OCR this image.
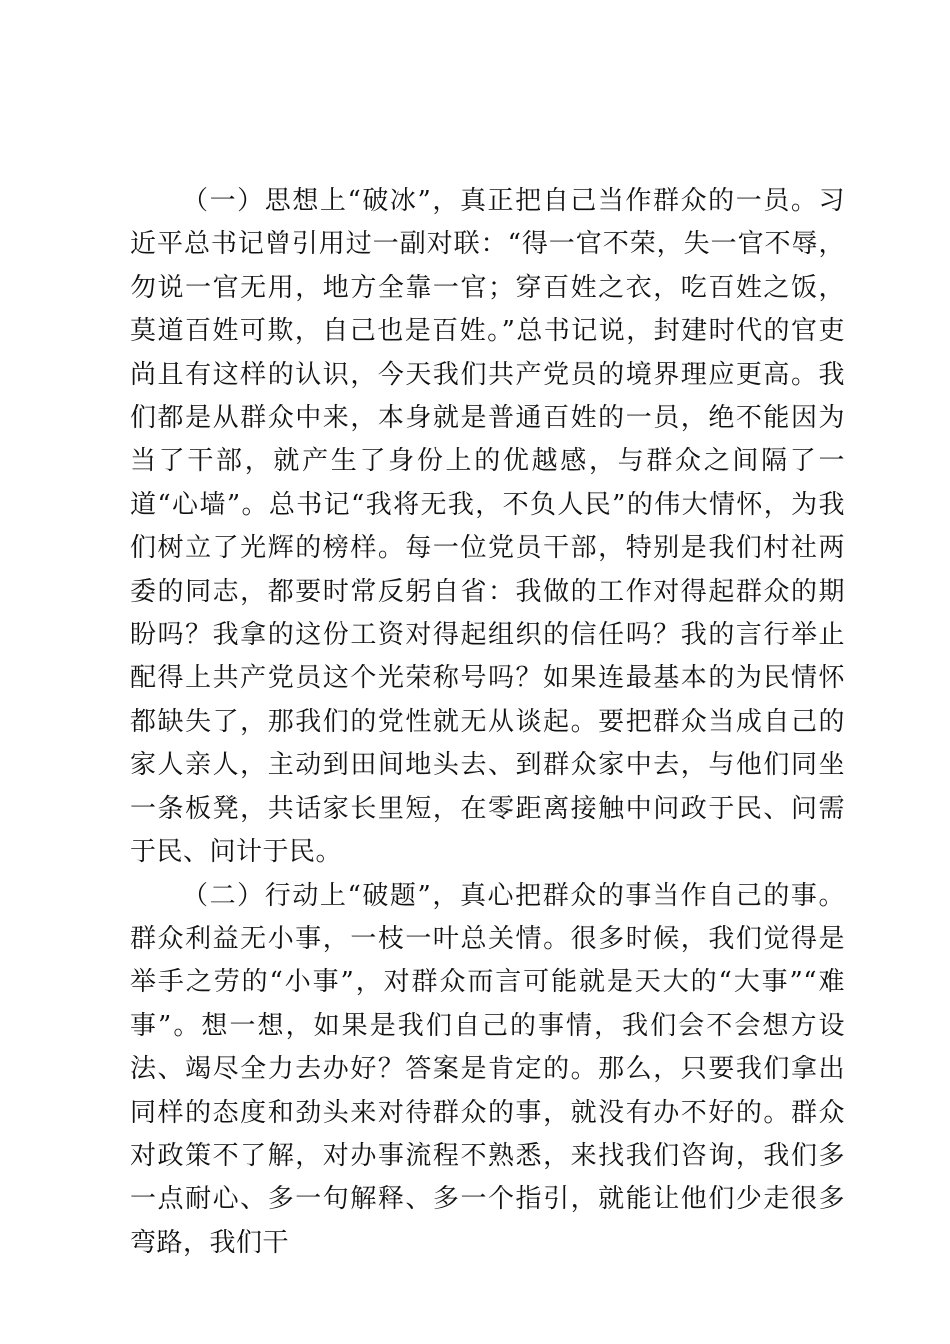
（一）思想上“破冰”，真正把自己当作群众的一员。习近平总书记曾引用过一副对联：“得一官不荣，失一官不辱，勿说一官无用，地方全靠一官；穿百姓之衣，吃百姓之饭，莫道百姓可欺，自己也是百姓。”总书记说，封建时代的官吏尚且有这样的认识，今天我们共产党员的境界理应更高。我们都是从群众中来，本身就是普通百姓的一员，绝不能因为当了干部，就产生了身份上的优越感，与群众之间隔了一道“心墙”。总书记“我将无我，不负人民”的伟大情怀，为我们树立了光辉的榜样。每一位党员干部，特别是我们村社两委的同志，都要时常反躬自省：我做的工作对得起群众的期盼吗？我拿的这份工资对得起组织的信任吗？我的言行举止配得上共产党员这个光荣称号吗？如果连最基本的为民情怀都缺失了，那我们的党性就无从谈起。要把群众当成自己的家人亲人，主动到田间地头去、到群众家中去，与他们同坐一条板凳，共话家长里短，在零距离接触中问政于民、问需于民、问计于民。

（二）行动上“破题”，真心把群众的事当作自己的事。群众利益无小事，一枝一叶总关情。很多时候，我们觉得是举手之劳的“小事”，对群众而言可能就是天大的“大事”“难事”。想一想，如果是我们自己的事情，我们会不会想方设法、竭尽全力去办好？答案是肯定的。那么，只要我们拿出同样的态度和劲头来对待群众的事，就没有办不好的。群众对政策不了解，对办事流程不熟悉，来找我们咨询，我们多一点耐心、多一句解释、多一个指引，就能让他们少走很多弯路，我们干
